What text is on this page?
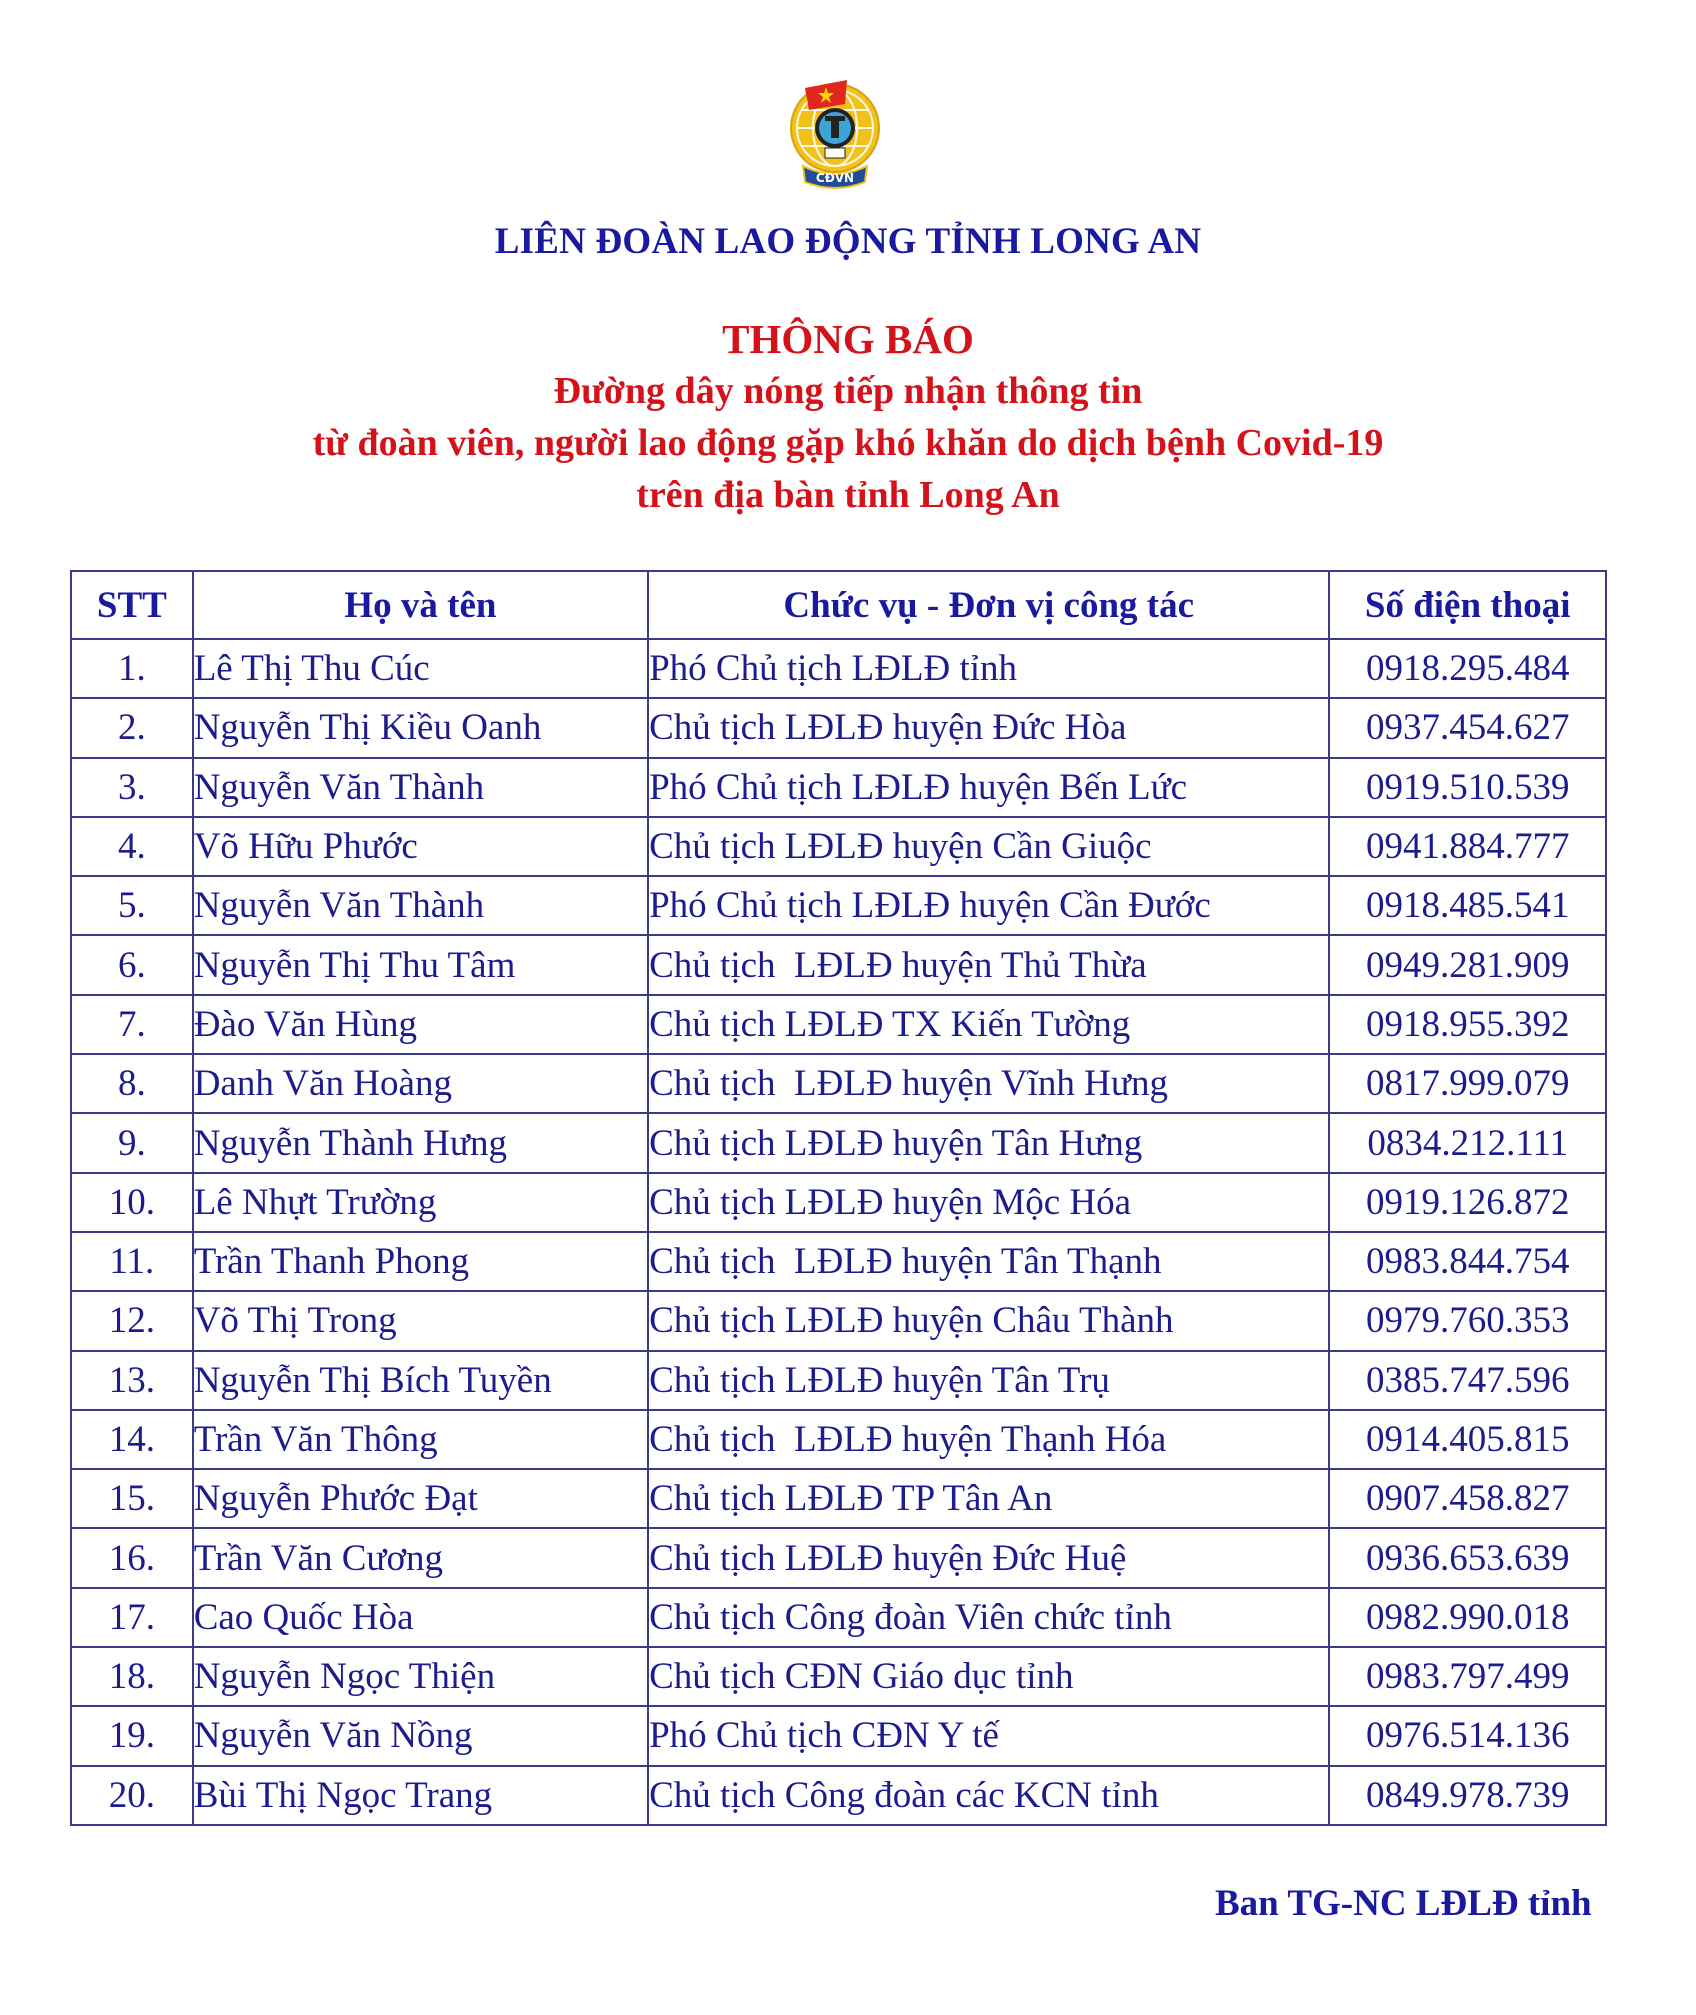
CĐVN
LIÊN ĐOÀN LAO ĐỘNG TỈNH LONG AN
THÔNG BÁO
Đường dây nóng tiếp nhận thông tin
từ đoàn viên, người lao động gặp khó khăn do dịch bệnh Covid-19
trên địa bàn tỉnh Long An
STT	Họ và tên	Chức vụ - Đơn vị công tác	Số điện thoại
1.	Lê Thị Thu Cúc	Phó Chủ tịch LĐLĐ tỉnh	0918.295.484
2.	Nguyễn Thị Kiều Oanh	Chủ tịch LĐLĐ huyện Đức Hòa	0937.454.627
3.	Nguyễn Văn Thành	Phó Chủ tịch LĐLĐ huyện Bến Lức	0919.510.539
4.	Võ Hữu Phước	Chủ tịch LĐLĐ huyện Cần Giuộc	0941.884.777
5.	Nguyễn Văn Thành	Phó Chủ tịch LĐLĐ huyện Cần Đước	0918.485.541
6.	Nguyễn Thị Thu Tâm	Chủ tịch  LĐLĐ huyện Thủ Thừa	0949.281.909
7.	Đào Văn Hùng	Chủ tịch LĐLĐ TX Kiến Tường	0918.955.392
8.	Danh Văn Hoàng	Chủ tịch  LĐLĐ huyện Vĩnh Hưng	0817.999.079
9.	Nguyễn Thành Hưng	Chủ tịch LĐLĐ huyện Tân Hưng	0834.212.111
10.	Lê Nhựt Trường	Chủ tịch LĐLĐ huyện Mộc Hóa	0919.126.872
11.	Trần Thanh Phong	Chủ tịch  LĐLĐ huyện Tân Thạnh	0983.844.754
12.	Võ Thị Trong	Chủ tịch LĐLĐ huyện Châu Thành	0979.760.353
13.	Nguyễn Thị Bích Tuyền	Chủ tịch LĐLĐ huyện Tân Trụ	0385.747.596
14.	Trần Văn Thông	Chủ tịch  LĐLĐ huyện Thạnh Hóa	0914.405.815
15.	Nguyễn Phước Đạt	Chủ tịch LĐLĐ TP Tân An	0907.458.827
16.	Trần Văn Cương	Chủ tịch LĐLĐ huyện Đức Huệ	0936.653.639
17.	Cao Quốc Hòa	Chủ tịch Công đoàn Viên chức tỉnh	0982.990.018
18.	Nguyễn Ngọc Thiện	Chủ tịch CĐN Giáo dục tỉnh	0983.797.499
19.	Nguyễn Văn Nồng	Phó Chủ tịch CĐN Y tế	0976.514.136
20.	Bùi Thị Ngọc Trang	Chủ tịch Công đoàn các KCN tỉnh	0849.978.739
Ban TG-NC LĐLĐ tỉnh
